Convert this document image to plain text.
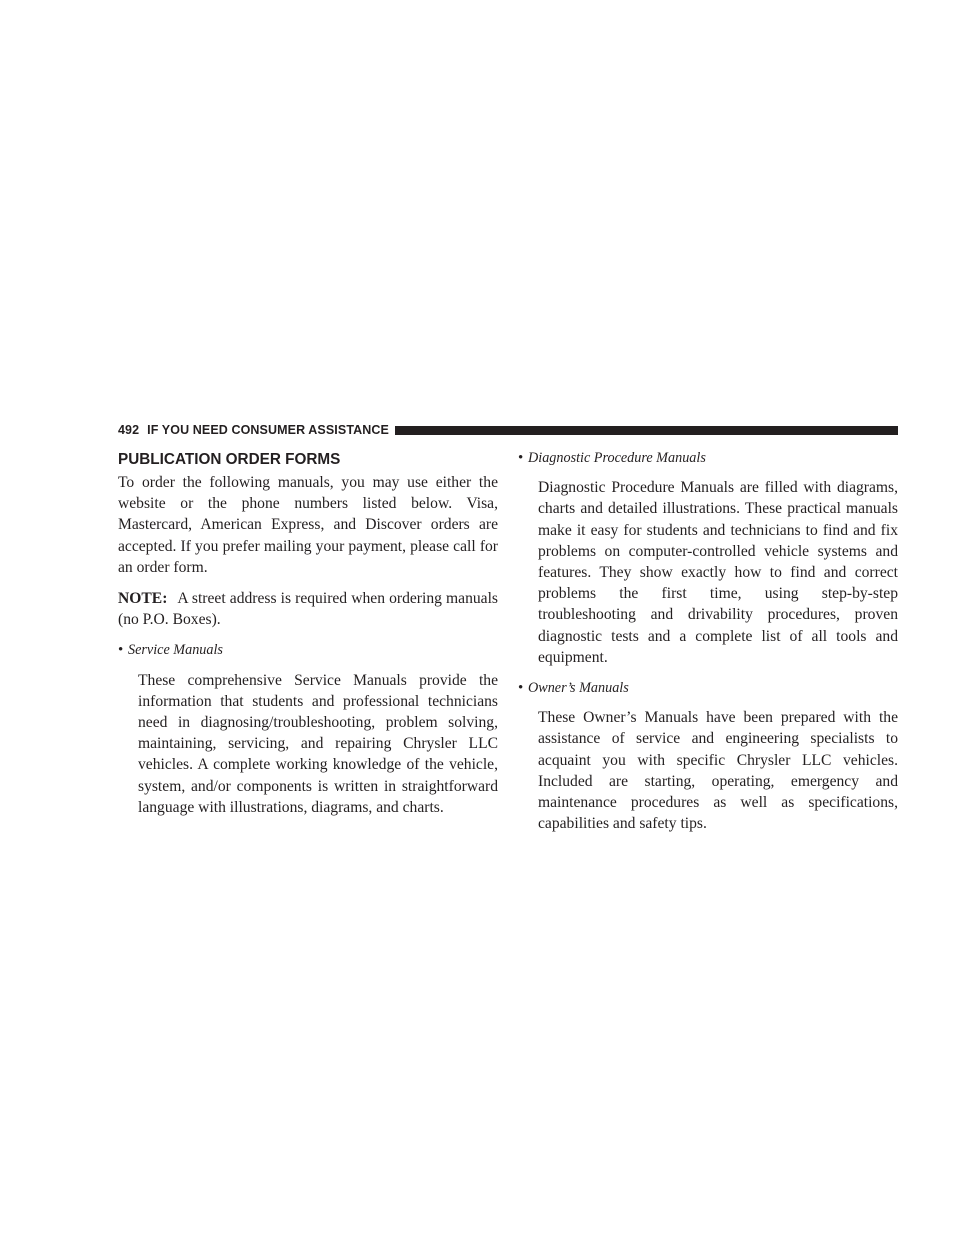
492 IF YOU NEED CONSUMER ASSISTANCE
PUBLICATION ORDER FORMS

To order the following manuals, you may use either the website or the phone numbers listed below. Visa, Mastercard, American Express, and Discover orders are accepted. If you prefer mailing your payment, please call for an order form.

NOTE: A street address is required when ordering manuals (no P.O. Boxes).

• Service Manuals

These comprehensive Service Manuals provide the information that students and professional technicians need in diagnosing/troubleshooting, problem solving, maintaining, servicing, and repairing Chrysler LLC vehicles. A complete working knowledge of the vehicle, system, and/or components is written in straightforward language with illustrations, diagrams, and charts.

• Diagnostic Procedure Manuals

Diagnostic Procedure Manuals are filled with diagrams, charts and detailed illustrations. These practical manuals make it easy for students and technicians to find and fix problems on computer-controlled vehicle systems and features. They show exactly how to find and correct problems the first time, using step-by-step troubleshooting and drivability procedures, proven diagnostic tests and a complete list of all tools and equipment.

• Owner’s Manuals

These Owner’s Manuals have been prepared with the assistance of service and engineering specialists to acquaint you with specific Chrysler LLC vehicles. Included are starting, operating, emergency and maintenance procedures as well as specifications, capabilities and safety tips.
